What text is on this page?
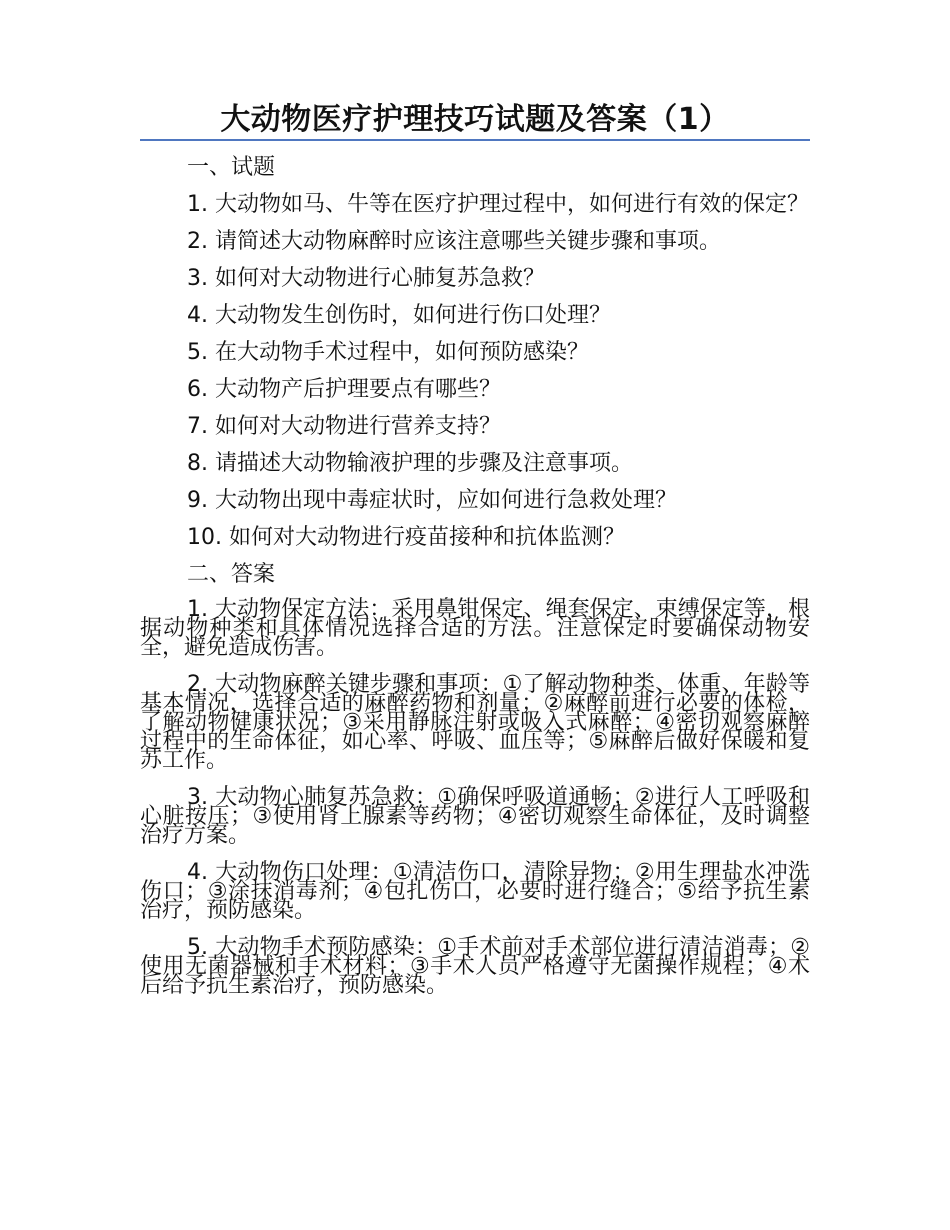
大动物医疗护理技巧试题及答案（1）

一、试题

1. 大动物如马、牛等在医疗护理过程中，如何进行有效的保定？

2. 请简述大动物麻醉时应该注意哪些关键步骤和事项。

3. 如何对大动物进行心肺复苏急救？

4. 大动物发生创伤时，如何进行伤口处理？

5. 在大动物手术过程中，如何预防感染？

6. 大动物产后护理要点有哪些？

7. 如何对大动物进行营养支持？

8. 请描述大动物输液护理的步骤及注意事项。

9. 大动物出现中毒症状时，应如何进行急救处理？

10. 如何对大动物进行疫苗接种和抗体监测？

二、答案

1. 大动物保定方法：采用鼻钳保定、绳套保定、束缚保定等，根据动物种类和具体情况选择合适的方法。注意保定时要确保动物安全，避免造成伤害。

2. 大动物麻醉关键步骤和事项：①了解动物种类、体重、年龄等基本情况，选择合适的麻醉药物和剂量；②麻醉前进行必要的体检，了解动物健康状况；③采用静脉注射或吸入式麻醉；④密切观察麻醉过程中的生命体征，如心率、呼吸、血压等；⑤麻醉后做好保暖和复苏工作。

3. 大动物心肺复苏急救：①确保呼吸道通畅；②进行人工呼吸和心脏按压；③使用肾上腺素等药物；④密切观察生命体征，及时调整治疗方案。

4. 大动物伤口处理：①清洁伤口，清除异物；②用生理盐水冲洗伤口；③涂抹消毒剂；④包扎伤口，必要时进行缝合；⑤给予抗生素治疗，预防感染。

5. 大动物手术预防感染：①手术前对手术部位进行清洁消毒；②使用无菌器械和手术材料；③手术人员严格遵守无菌操作规程；④术后给予抗生素治疗，预防感染。
